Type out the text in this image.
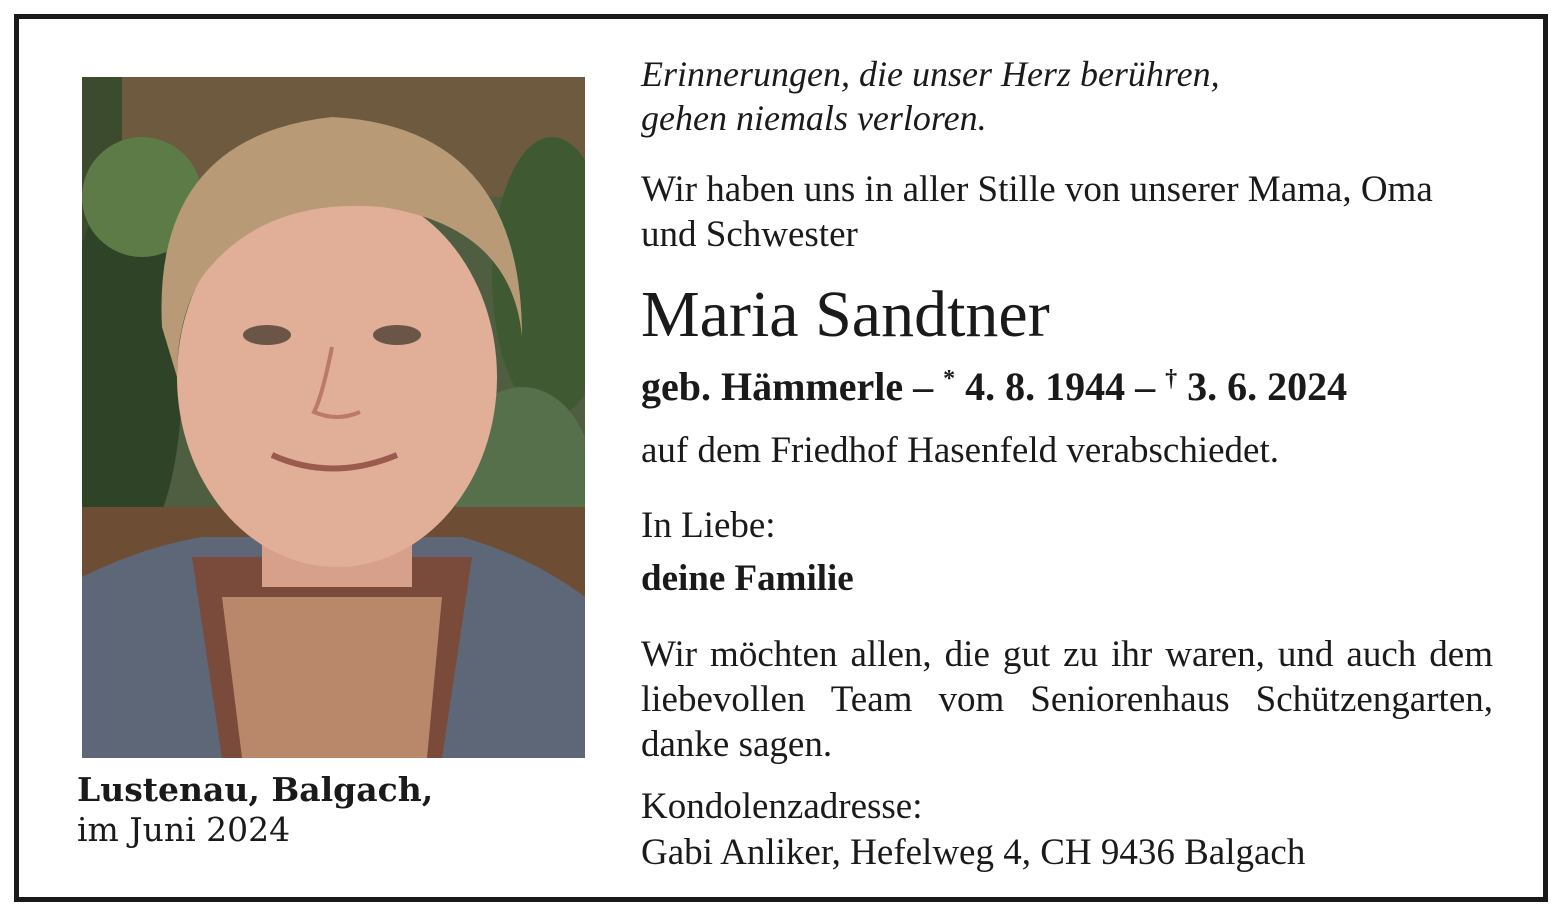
Lustenau, Balgach,
im Juni 2024
Erinnerungen, die unser Herz berühren,
gehen niemals verloren.
Wir haben uns in aller Stille von unserer Mama, Oma und Schwester
Maria Sandtner
geb. Hämmerle – * 4. 8. 1944 – † 3. 6. 2024
auf dem Friedhof Hasenfeld verabschiedet.
In Liebe:
deine Familie
Wir möchten allen, die gut zu ihr waren, und auch dem liebevollen Team vom Seniorenhaus Schützengarten, danke sagen.
Kondolenzadresse:
Gabi Anliker, Hefelweg 4, CH 9436 Balgach
